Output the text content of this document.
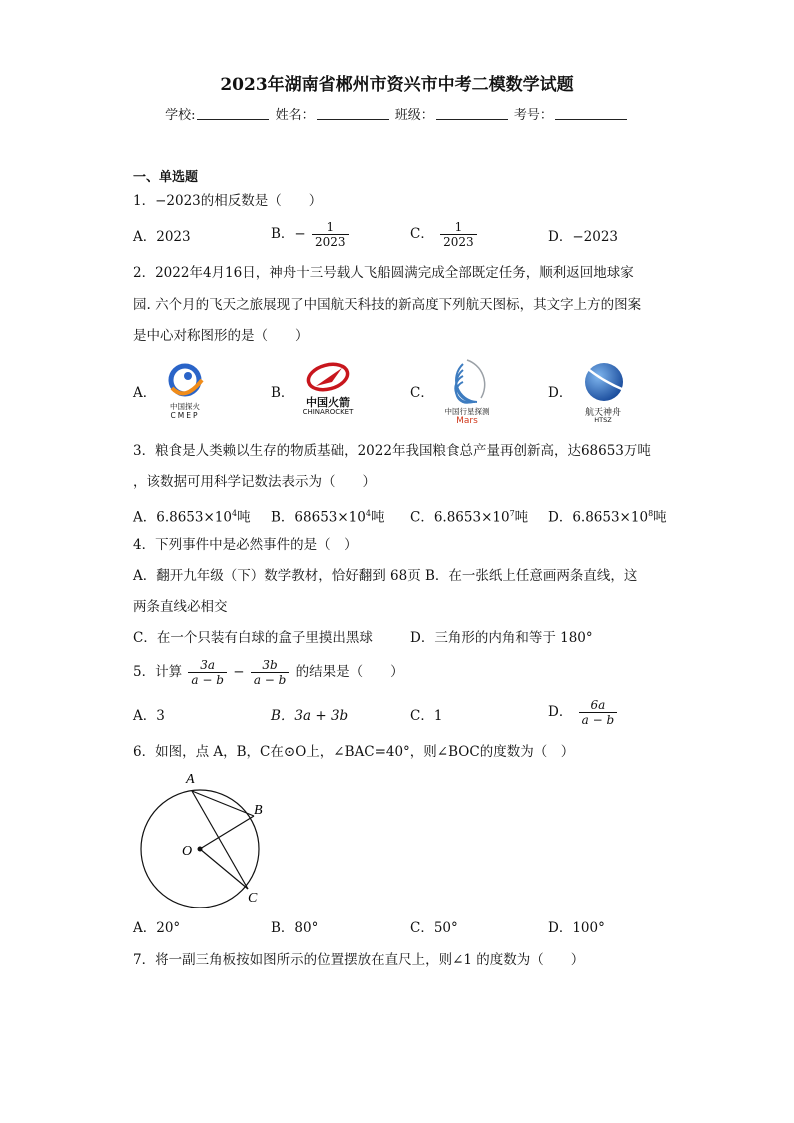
2023年湖南省郴州市资兴市中考二模数学试题
学校:	姓名：	班级：	考号：
一、单选题
1．−2023的相反数是（　　）
A．2023	B．− $\frac{1}{2023}$	C． $\frac{1}{2023}$	D．−2023
2．2022年4月16日，神舟十三号载人飞船圆满完成全部既定任务，顺利返回地球家
园. 六个月的飞天之旅展现了中国航天科技的新高度下列航天图标，其文字上方的图案
是中心对称图形的是（　　）
A．	B．	C．	D．
中国探火
CMEP
中国火箭
CHINAROCKET	中国行星探测
Mars
航天神舟
HTSZ
3．粮食是人类赖以生存的物质基础，2022年我国粮食总产量再创新高，达68653万吨
，该数据可用科学记数法表示为（　　）
A．$6.8653\times 10^4$吨 B．$68653\times 10^4$吨 C．$6.8653\times 10^7$吨 D．$6.8653\times 10^8$吨
4．下列事件中是必然事件的是（　）
A．翻开九年级（下）数学教材，恰好翻到 68页 B．在一张纸上任意画两条直线，这
两条直线必相交
C．在一个只装有白球的盒子里摸出黑球	D．三角形的内角和等于 180°
5．计算 $\frac{3a}{a - b} - \frac{3b}{a - b}$ 的结果是（　　）
A．3	B．3a + 3b	C．1	D． $\frac{6a}{a - b}$
6．如图，点 A，B，C在⊙O上，∠BAC=40°，则∠BOC的度数为（　）
A
B
C
O
A．20°	B．80°	C．50°	D．100°
7．将一副三角板按如图所示的位置摆放在直尺上，则∠1 的度数为（　　）
